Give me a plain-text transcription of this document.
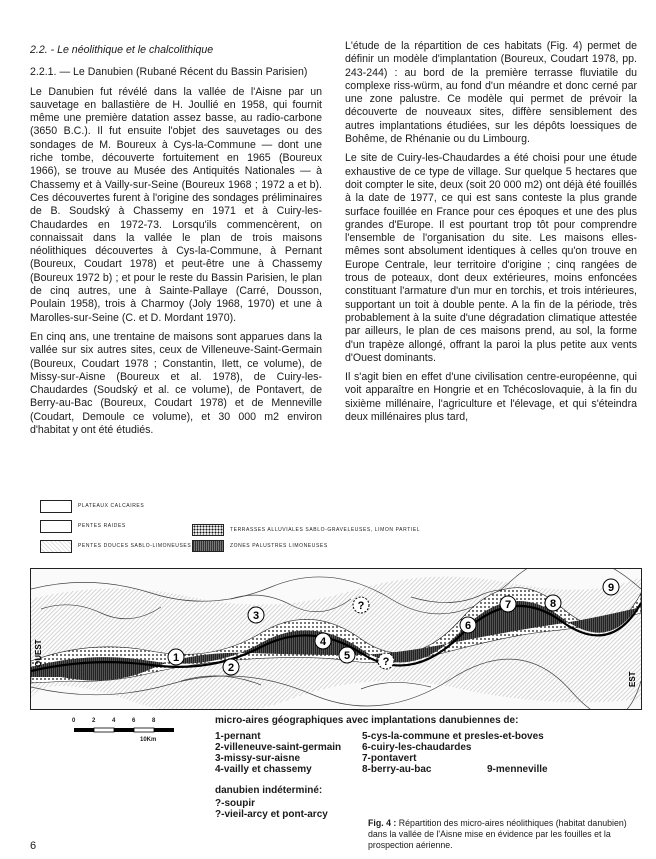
2.2. - Le néolithique et le chalcolithique

2.2.1. — Le Danubien (Rubané Récent du Bassin Parisien)

Le Danubien fut révélé dans la vallée de l'Aisne par un sauvetage en ballastière de H. Joullié en 1958, qui fournit même une première datation assez basse, au radio-carbone (3650 B.C.). Il fut ensuite l'objet des sauvetages ou des sondages de M. Boureux à Cys-la-Commune — dont une riche tombe, découverte fortuitement en 1965 (Boureux 1966), se trouve au Musée des Antiquités Nationales — à Chassemy et à Vailly-sur-Seine (Boureux 1968 ; 1972 a et b). Ces découvertes furent à l'origine des sondages préliminaires de B. Soudský à Chassemy en 1971 et à Cuiry-les-Chaudardes en 1972-73. Lorsqu'ils commencèrent, on connaissait dans la vallée le plan de trois maisons néolithiques découvertes à Cys-la-Commune, à Pernant (Boureux, Coudart 1978) et peut-être une à Chassemy (Boureux 1972 b) ; et pour le reste du Bassin Parisien, le plan de cinq autres, une à Sainte-Pallaye (Carré, Dousson, Poulain 1958), trois à Charmoy (Joly 1968, 1970) et une à Marolles-sur-Seine (C. et D. Mordant 1970).

En cinq ans, une trentaine de maisons sont apparues dans la vallée sur six autres sites, ceux de Villeneuve-Saint-Germain (Boureux, Coudart 1978 ; Constantin, Ilett, ce volume), de Missy-sur-Aisne (Boureux et al. 1978), de Cuiry-les-Chaudardes (Soudský et al. ce volume), de Pontavert, de Berry-au-Bac (Boureux, Coudart 1978) et de Menneville (Coudart, Demoule ce volume), et 30 000 m2 environ d'habitat y ont été étudiés.

L'étude de la répartition de ces habitats (Fig. 4) permet de définir un modèle d'implantation (Boureux, Coudart 1978, pp. 243-244) : au bord de la première terrasse fluviatile du complexe riss-würm, au fond d'un méandre et donc cerné par une zone palustre. Ce modèle qui permet de prévoir la découverte de nouveaux sites, diffère sensiblement des autres implantations étudiées, sur les dépôts loessiques de Bohême, de Rhénanie ou du Limbourg.

Le site de Cuiry-les-Chaudardes a été choisi pour une étude exhaustive de ce type de village. Sur quelque 5 hectares que doit compter le site, deux (soit 20 000 m2) ont déjà été fouillés à la date de 1977, ce qui est sans conteste la plus grande surface fouillée en France pour ces époques et une des plus grandes d'Europe. Il est pourtant trop tôt pour comprendre l'ensemble de l'organisation du site. Les maisons elles-mêmes sont absolument identiques à celles qu'on trouve en Europe Centrale, leur territoire d'origine ; cinq rangées de trous de poteaux, dont deux extérieures, moins enfoncées constituant l'armature d'un mur en torchis, et trois intérieures, supportant un toit à double pente. A la fin de la période, très probablement à la suite d'une dégradation climatique attestée par ailleurs, le plan de ces maisons prend, au sol, la forme d'un trapèze allongé, offrant la paroi la plus petite aux vents d'Ouest dominants.

Il s'agit bien en effet d'une civilisation centre-européenne, qui voit apparaître en Hongrie et en Tchécoslovaquie, à la fin du sixième millénaire, l'agriculture et l'élevage, et qui s'éteindra deux millénaires plus tard,

PLATEAUX CALCAIRES
PENTES RAIDES
PENTES DOUCES SABLO-LIMONEUSES
TERRASSES ALLUVIALES SABLO-GRAVELEUSES, LIMON PARTIEL
ZONES PALUSTRES LIMONEUSES
1
2
3
4
5
6
7	8
9
?
?
OUEST
EST
0	2	4	6	8
10Km
micro-aires géographiques avec implantations danubiennes de:
1-pernant
2-villeneuve-saint-germain
3-missy-sur-aisne
4-vailly et chassemy
5-cys-la-commune et presles-et-boves
6-cuiry-les-chaudardes
7-pontavert
8-berry-au-bac	9-menneville
danubien indéterminé:
?-soupir
?-vieil-arcy et pont-arcy
Fig. 4 : Répartition des micro-aires néolithiques (habitat danubien) dans la vallée de l'Aisne mise en évidence par les fouilles et la prospection aérienne.
6
